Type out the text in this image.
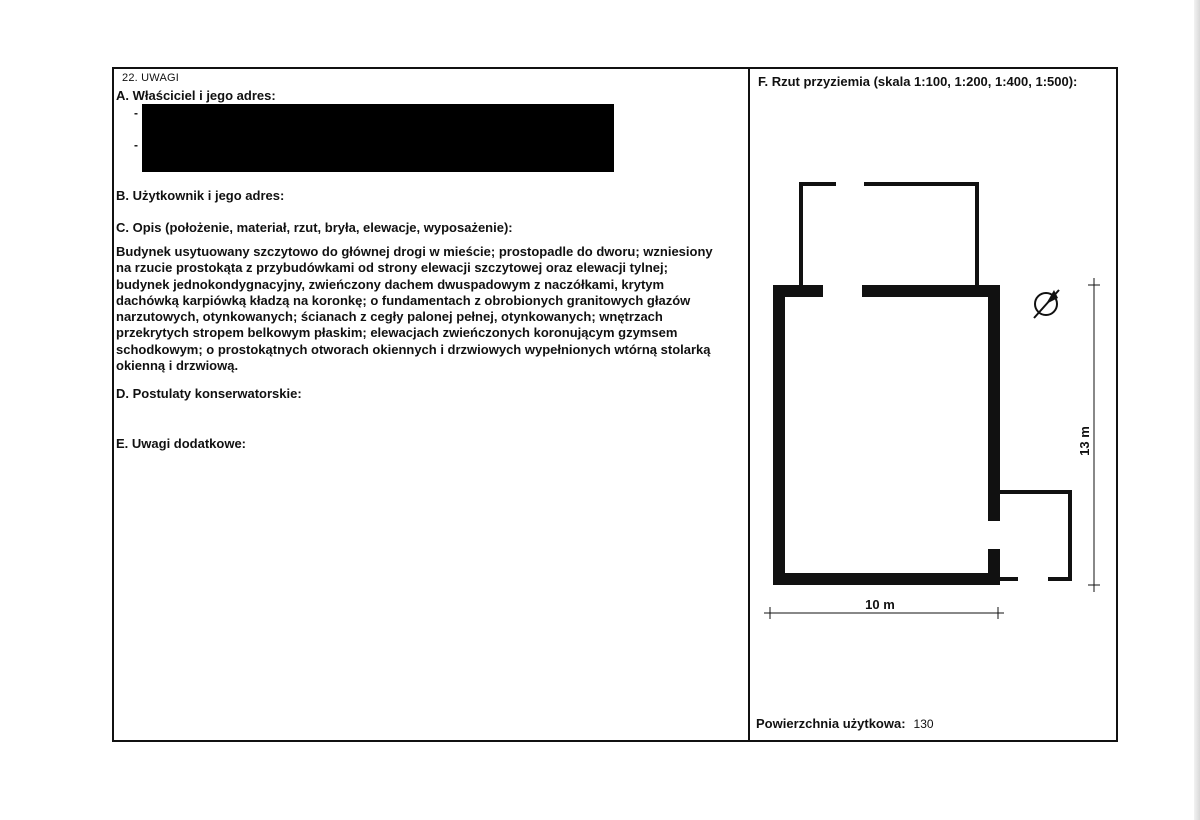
22. UWAGI
A. Właściciel i jego adres:
-
-
B. Użytkownik i jego adres:
C. Opis (położenie, materiał, rzut, bryła, elewacje, wyposażenie):
Budynek usytuowany szczytowo do głównej drogi w mieście; prostopadle do dworu; wzniesiony
na rzucie prostokąta z przybudówkami od strony elewacji szczytowej oraz elewacji tylnej;
budynek jednokondygnacyjny, zwieńczony dachem dwuspadowym z naczółkami, krytym
dachówką karpiówką kładzą na koronkę; o fundamentach z obrobionych granitowych głazów
narzutowych, otynkowanych; ścianach z cegły palonej pełnej, otynkowanych; wnętrzach
przekrytych stropem belkowym płaskim; elewacjach zwieńczonych koronującym gzymsem
schodkowym; o prostokątnych otworach okiennych i drzwiowych wypełnionych wtórną stolarką
okienną i drzwiową.
D. Postulaty konserwatorskie:
E. Uwagi dodatkowe:
F. Rzut przyziemia (skala 1:100, 1:200, 1:400, 1:500):
10 m
13 m
Powierzchnia użytkowa: 130
